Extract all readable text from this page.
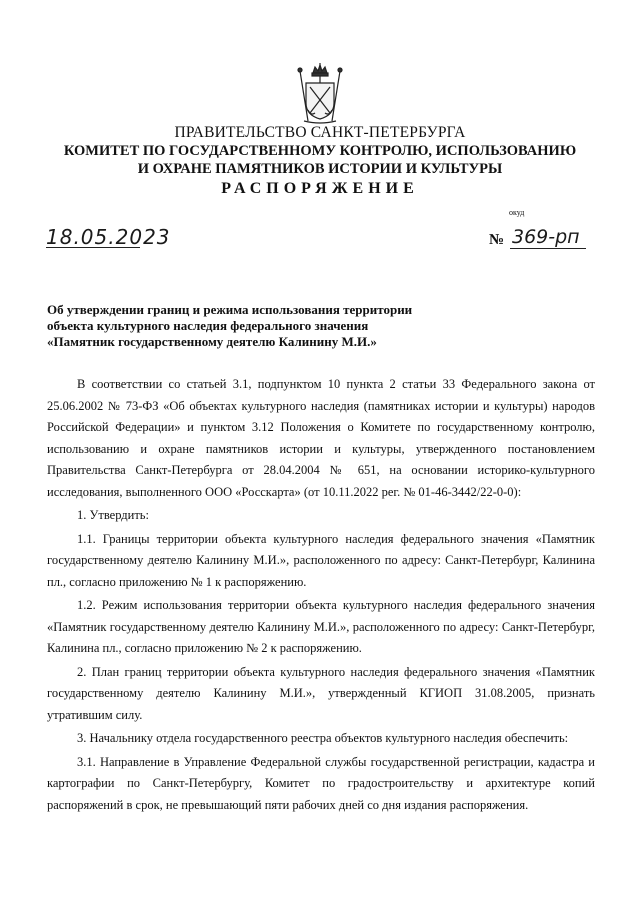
ПРАВИТЕЛЬСТВО САНКТ-ПЕТЕРБУРГА
КОМИТЕТ ПО ГОСУДАРСТВЕННОМУ КОНТРОЛЮ, ИСПОЛЬЗОВАНИЮ
И ОХРАНЕ ПАМЯТНИКОВ ИСТОРИИ И КУЛЬТУРЫ
РАСПОРЯЖЕНИЕ
окуд
18.05.2023	№ 369-рп
Об утверждении границ и режима использования территории
объекта культурного наследия федерального значения
«Памятник государственному деятелю Калинину М.И.»

В соответствии со статьей 3.1, подпунктом 10 пункта 2 статьи 33 Федерального закона от 25.06.2002 № 73-ФЗ «Об объектах культурного наследия (памятниках истории и культуры) народов Российской Федерации» и пунктом 3.12 Положения о Комитете по государственному контролю, использованию и охране памятников истории и культуры, утвержденного постановлением Правительства Санкт-Петербурга от 28.04.2004 № 651, на основании историко-культурного исследования, выполненного ООО «Росскарта» (от 10.11.2022 рег. № 01-46-3442/22-0-0):

1. Утвердить:

1.1. Границы территории объекта культурного наследия федерального значения «Памятник государственному деятелю Калинину М.И.», расположенного по адресу: Санкт-Петербург, Калинина пл., согласно приложению № 1 к распоряжению.

1.2. Режим использования территории объекта культурного наследия федерального значения «Памятник государственному деятелю Калинину М.И.», расположенного по адресу: Санкт-Петербург, Калинина пл., согласно приложению № 2 к распоряжению.

2. План границ территории объекта культурного наследия федерального значения «Памятник государственному деятелю Калинину М.И.», утвержденный КГИОП 31.08.2005, признать утратившим силу.

3. Начальнику отдела государственного реестра объектов культурного наследия обеспечить:

3.1. Направление в Управление Федеральной службы государственной регистрации, кадастра и картографии по Санкт-Петербургу, Комитет по градостроительству и архитектуре копий распоряжений в срок, не превышающий пяти рабочих дней со дня издания распоряжения.
